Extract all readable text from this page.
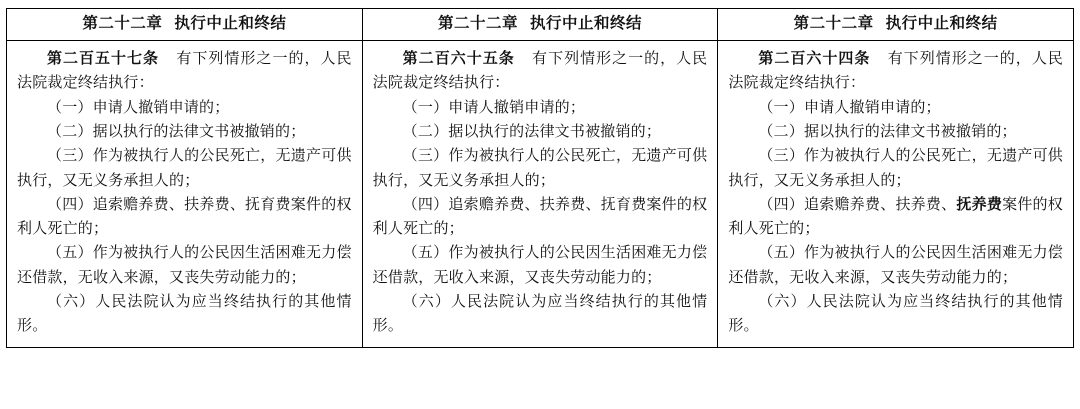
第二十二章 执行中止和终结

第二百五十七条 有下列情形之一的，人民法院裁定终结执行：

（一）申请人撤销申请的；

（二）据以执行的法律文书被撤销的；

（三）作为被执行人的公民死亡，无遗产可供执行，又无义务承担人的；

（四）追索赡养费、扶养费、抚育费案件的权利人死亡的；

（五）作为被执行人的公民因生活困难无力偿还借款，无收入来源，又丧失劳动能力的；

（六）人民法院认为应当终结执行的其他情形。

第二十二章 执行中止和终结

第二百六十五条 有下列情形之一的，人民法院裁定终结执行：

（一）申请人撤销申请的；

（二）据以执行的法律文书被撤销的；

（三）作为被执行人的公民死亡，无遗产可供执行，又无义务承担人的；

（四）追索赡养费、扶养费、抚育费案件的权利人死亡的；

（五）作为被执行人的公民因生活困难无力偿还借款，无收入来源，又丧失劳动能力的；

（六）人民法院认为应当终结执行的其他情形。

第二十二章 执行中止和终结

第二百六十四条 有下列情形之一的，人民法院裁定终结执行：

（一）申请人撤销申请的；

（二）据以执行的法律文书被撤销的；

（三）作为被执行人的公民死亡，无遗产可供执行，又无义务承担人的；

（四）追索赡养费、扶养费、抚养费案件的权利人死亡的；

（五）作为被执行人的公民因生活困难无力偿还借款，无收入来源，又丧失劳动能力的；

（六）人民法院认为应当终结执行的其他情形。
